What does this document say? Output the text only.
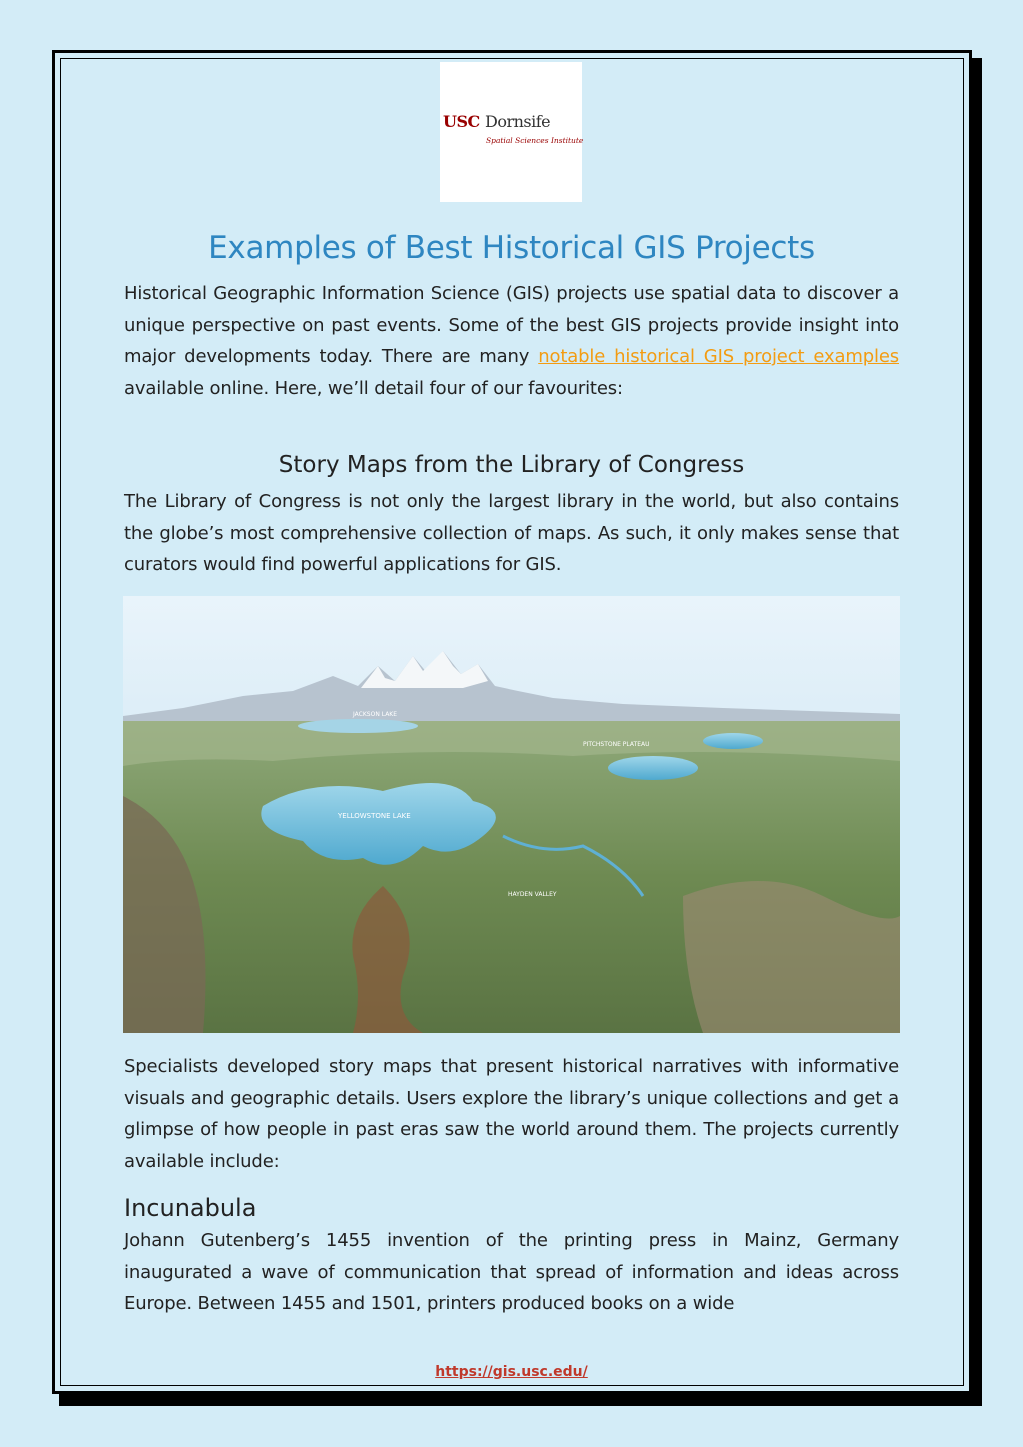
USC Dornsife
Spatial Sciences Institute
Examples of Best Historical GIS Projects

Historical Geographic Information Science (GIS) projects use spatial data to discover a unique perspective on past events. Some of the best GIS projects provide insight into major developments today. There are many notable historical GIS project examples available online. Here, we’ll detail four of our favourites:

Story Maps from the Library of Congress

The Library of Congress is not only the largest library in the world, but also contains the globe’s most comprehensive collection of maps. As such, it only makes sense that curators would find powerful applications for GIS.

JACKSON LAKE
YELLOWSTONE LAKE
HAYDEN VALLEY
PITCHSTONE PLATEAU

Specialists developed story maps that present historical narratives with informative visuals and geographic details. Users explore the library’s unique collections and get a glimpse of how people in past eras saw the world around them. The projects currently available include:

Incunabula

Johann Gutenberg’s 1455 invention of the printing press in Mainz, Germany inaugurated a wave of communication that spread of information and ideas across Europe. Between 1455 and 1501, printers produced books on a wide

https://gis.usc.edu/
